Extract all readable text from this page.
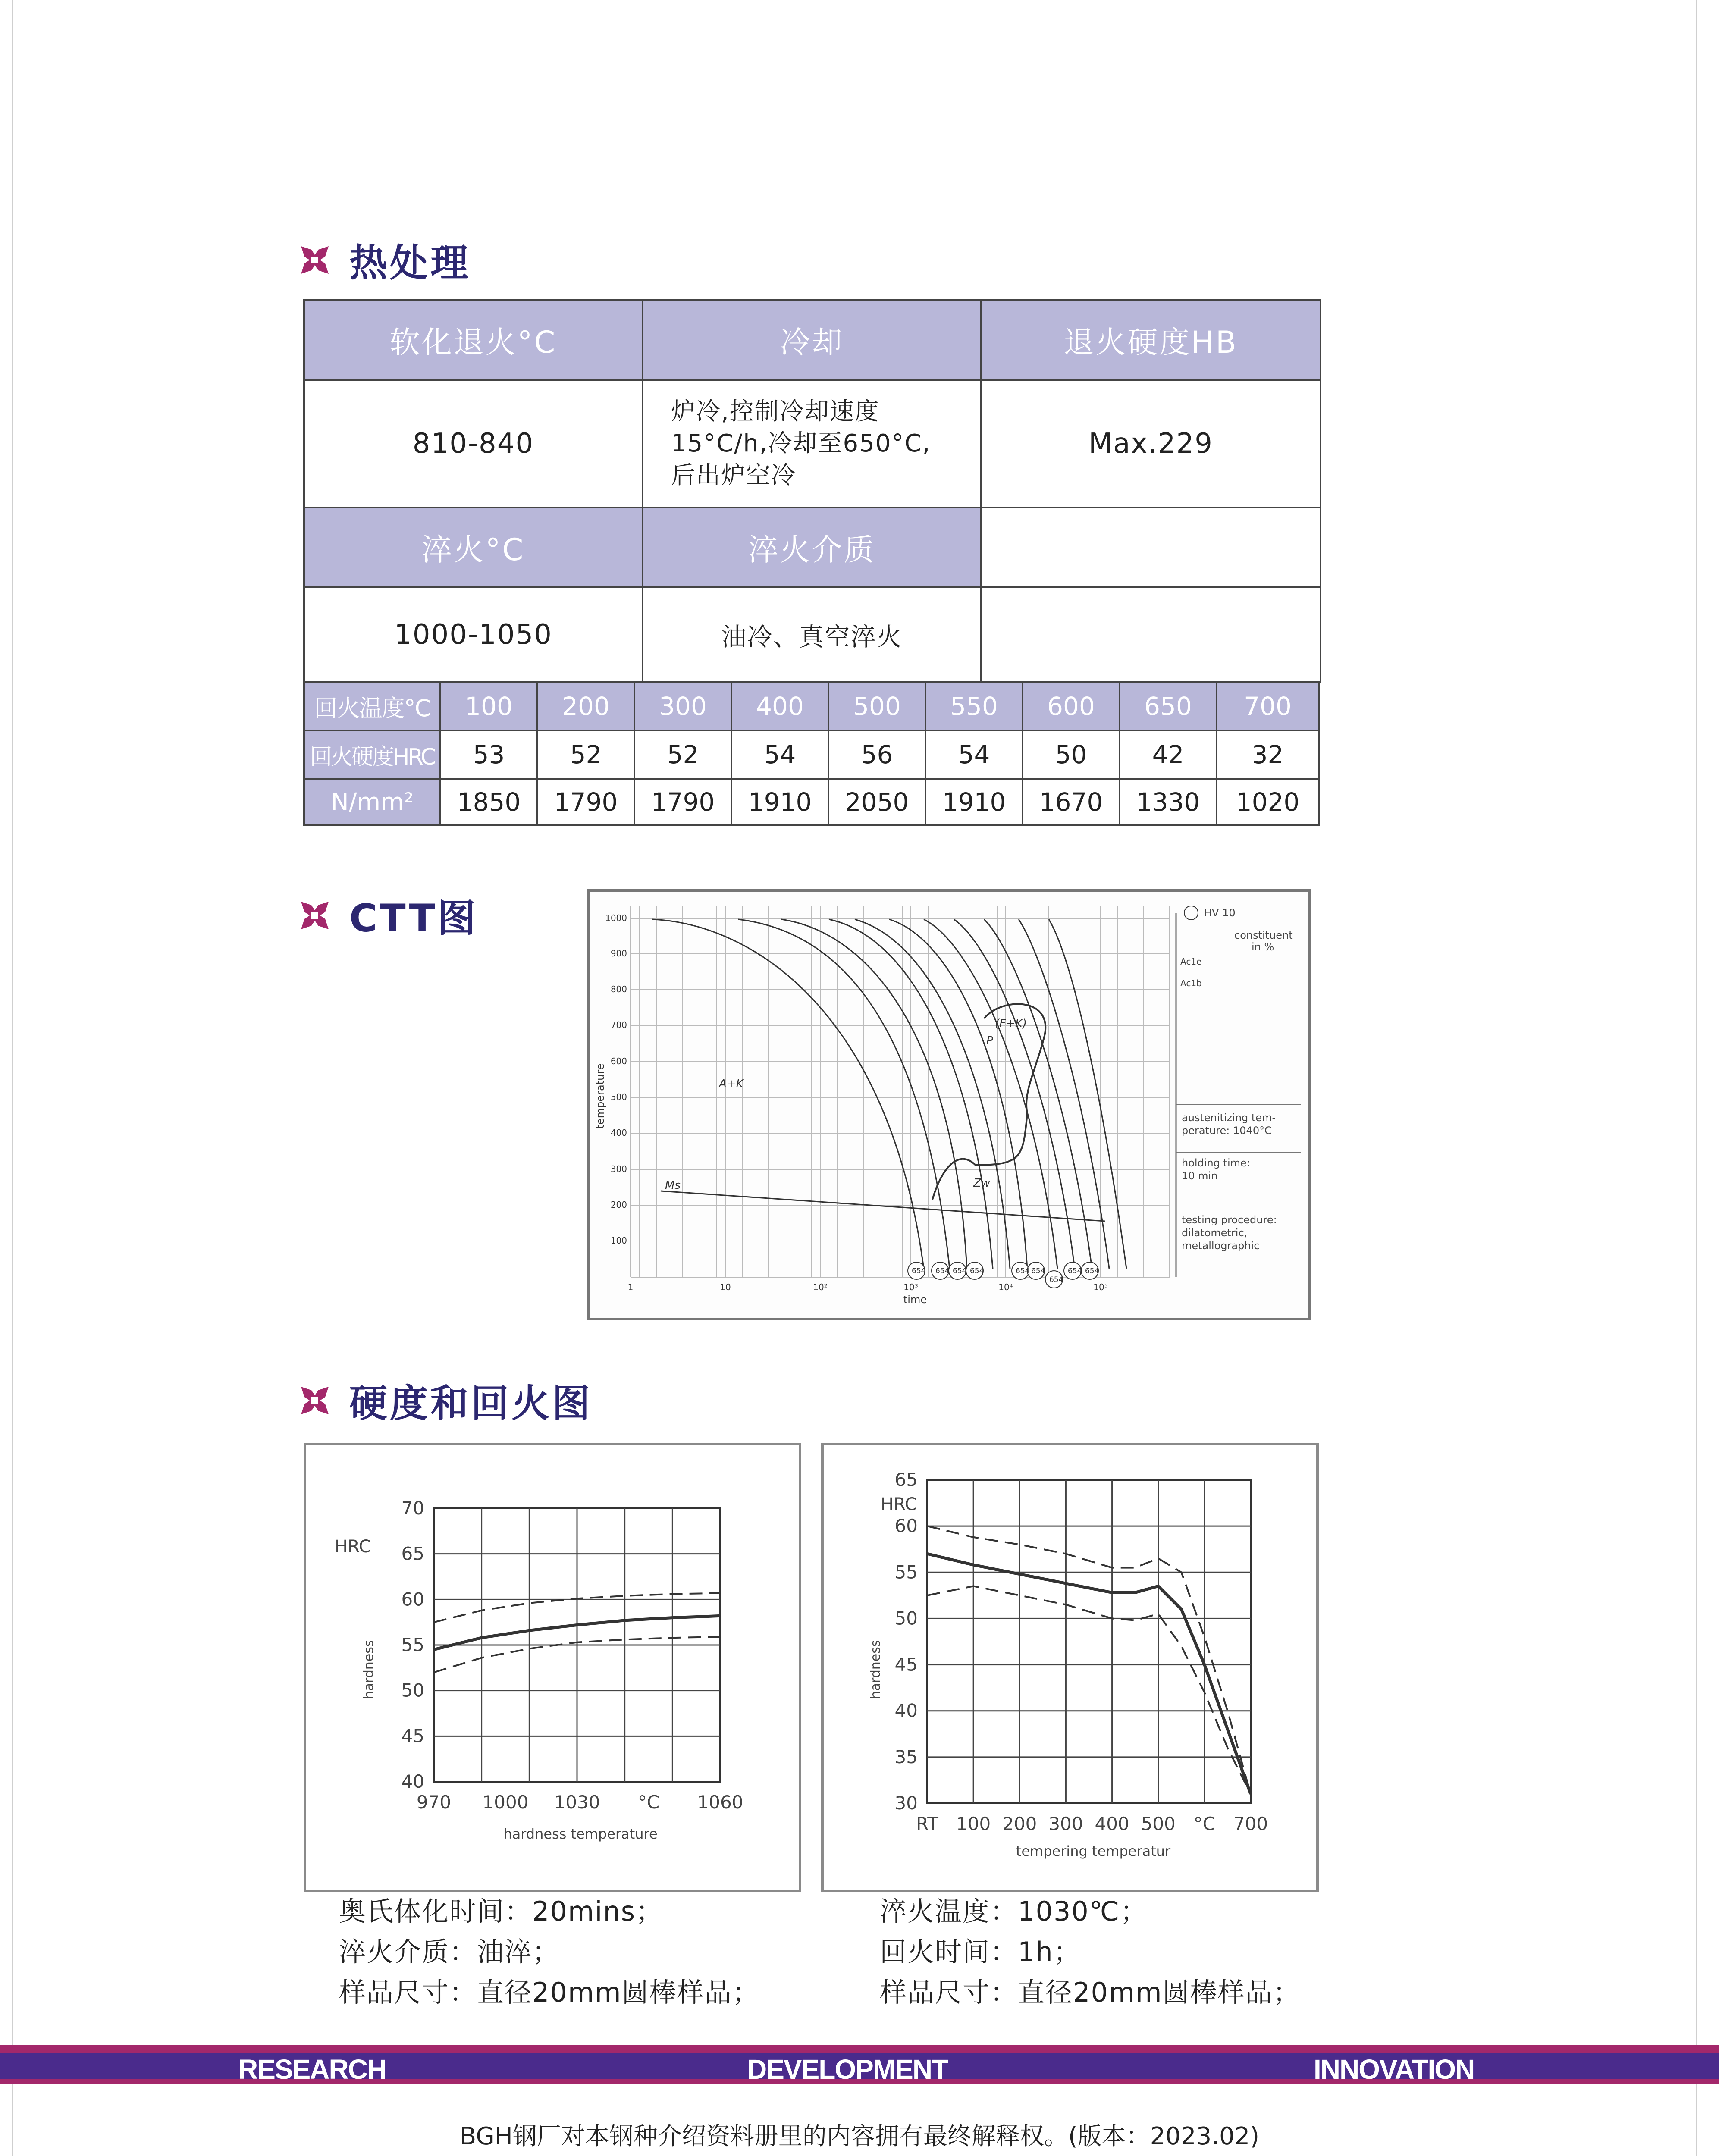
热处理
软化退火°C	冷却	退火硬度HB
810-840	炉冷,控制冷却速度
15°C/h,冷却至650°C,
后出炉空冷	Max.229
淬火°C	淬火介质	
1000-1050	油冷、真空淬火	
回火温度°C	100	200	300	400	500	550	600	650	700
回火硬度HRC	53	52	52	54	56	54	50	42	32
N/mm²	1850	1790	1790	1910	2050	1910	1670	1330	1020
CTT图
654 654 654 654	654 654
654
654 654
1000
900
800
700
600
500
400
300
200
100
1	10	10²	10³	10⁴	10⁵
time
temperature	A+K
(F+K)
P
Zw
Ms
HV 10
constituent
in %
Ac1e
Ac1b
austenitizing tem-
perature: 1040°C
holding time:
10 min
testing procedure:
dilatometric,
metallographic
硬度和回火图
70
65
60
55
50
45
40
970 1000 1030 °C 1060
HRC
hardness
hardness temperature
65
60
55
50
45
40
35
30
RT 100 200 300 400 500 °C 700
HRC
hardness
tempering temperatur
奥氏体化时间：20mins；
淬火介质：油淬；
样品尺寸：直径20mm圆棒样品；
淬火温度：1030℃；
回火时间：1h；
样品尺寸：直径20mm圆棒样品；
RESEARCH	DEVELOPMENT	INNOVATION
BGH钢厂对本钢种介绍资料册里的内容拥有最终解释权。(版本：2023.02)
